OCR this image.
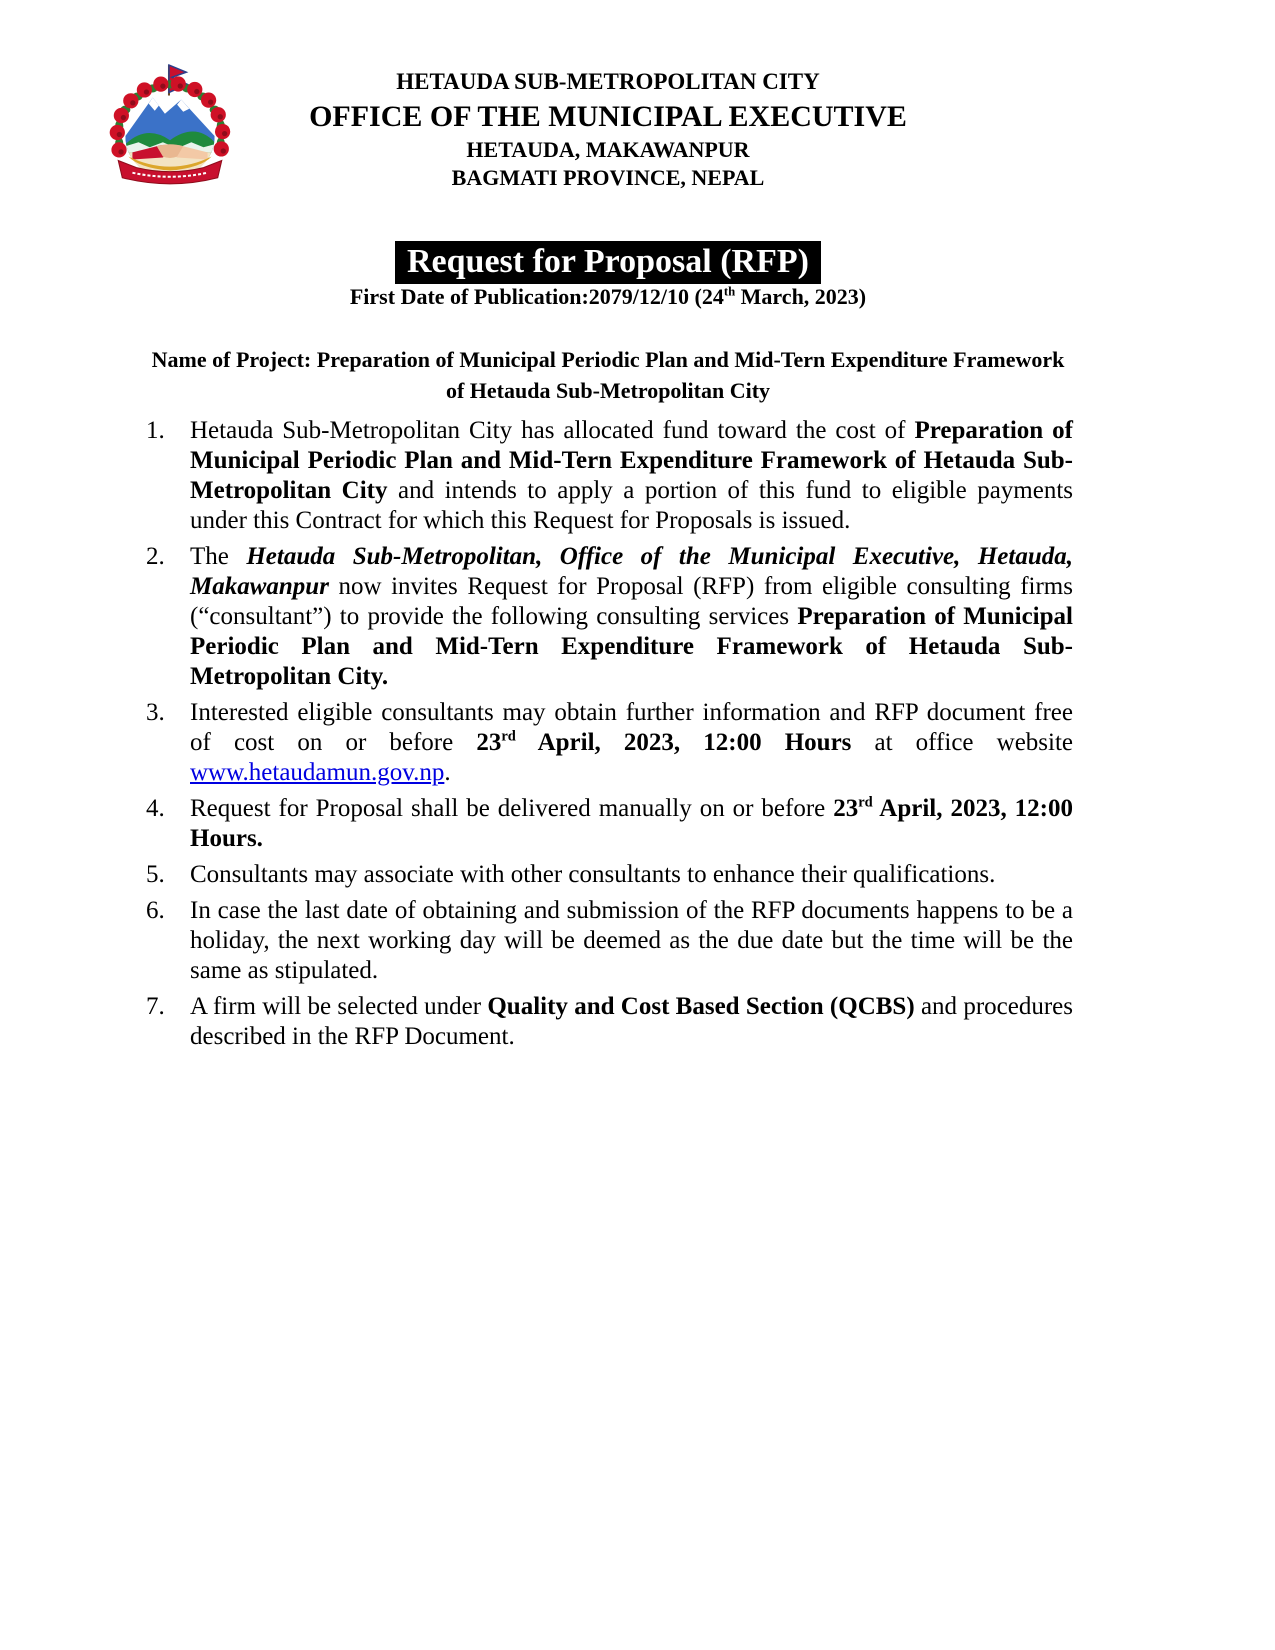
HETAUDA SUB-METROPOLITAN CITY
OFFICE OF THE MUNICIPAL EXECUTIVE
HETAUDA, MAKAWANPUR
BAGMATI PROVINCE, NEPAL
Request for Proposal (RFP)
First Date of Publication:2079/12/10 (24th March, 2023)
Name of Project: Preparation of Municipal Periodic Plan and Mid-Tern Expenditure Framework of Hetauda Sub-Metropolitan City
1. Hetauda Sub-Metropolitan City has allocated fund toward the cost of Preparation of Municipal Periodic Plan and Mid-Tern Expenditure Framework of Hetauda Sub-Metropolitan City and intends to apply a portion of this fund to eligible payments under this Contract for which this Request for Proposals is issued.
2. The Hetauda Sub-Metropolitan, Office of the Municipal Executive, Hetauda, Makawanpur now invites Request for Proposal (RFP) from eligible consulting firms (“consultant”) to provide the following consulting services Preparation of Municipal Periodic Plan and Mid-Tern Expenditure Framework of Hetauda Sub-Metropolitan City.
3. Interested eligible consultants may obtain further information and RFP document free of cost on or before 23rd April, 2023, 12:00 Hours at office website www.hetaudamun.gov.np.
4. Request for Proposal shall be delivered manually on or before 23rd April, 2023, 12:00 Hours.
5. Consultants may associate with other consultants to enhance their qualifications.
6. In case the last date of obtaining and submission of the RFP documents happens to be a holiday, the next working day will be deemed as the due date but the time will be the same as stipulated.
7. A firm will be selected under Quality and Cost Based Section (QCBS) and procedures described in the RFP Document.
